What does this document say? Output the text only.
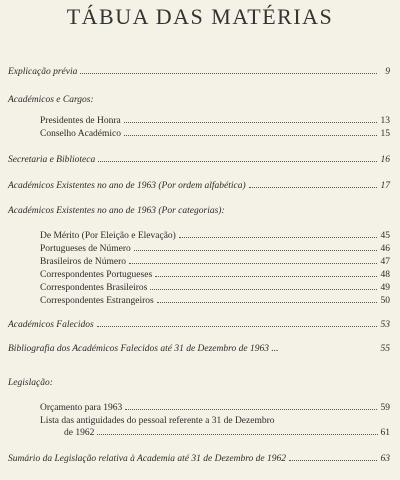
TÁBUA DAS MATÉRIAS
Explicação prévia	9
Académicos e Cargos:
Presidentes de Honra	13
Conselho Académico	15
Secretaria e Biblioteca	16
Académicos Existentes no ano de 1963 (Por ordem alfabética)	17
Académicos Existentes no ano de 1963 (Por categorias):
De Mérito (Por Eleição e Elevação)	45
Portugueses de Número	46
Brasileiros de Número	47
Correspondentes Portugueses	48
Correspondentes Brasileiros	49
Correspondentes Estrangeiros	50
Académicos Falecidos	53
Bibliografia dos Académicos Falecidos até 31 de Dezembro de 1963 ...	55
Legislação:
Orçamento para 1963	59
Lista das antiguidades do pessoal referente a 31 de Dezembro
de 1962	61
Sumário da Legislação relativa à Academia até 31 de Dezembro de 1962	63
